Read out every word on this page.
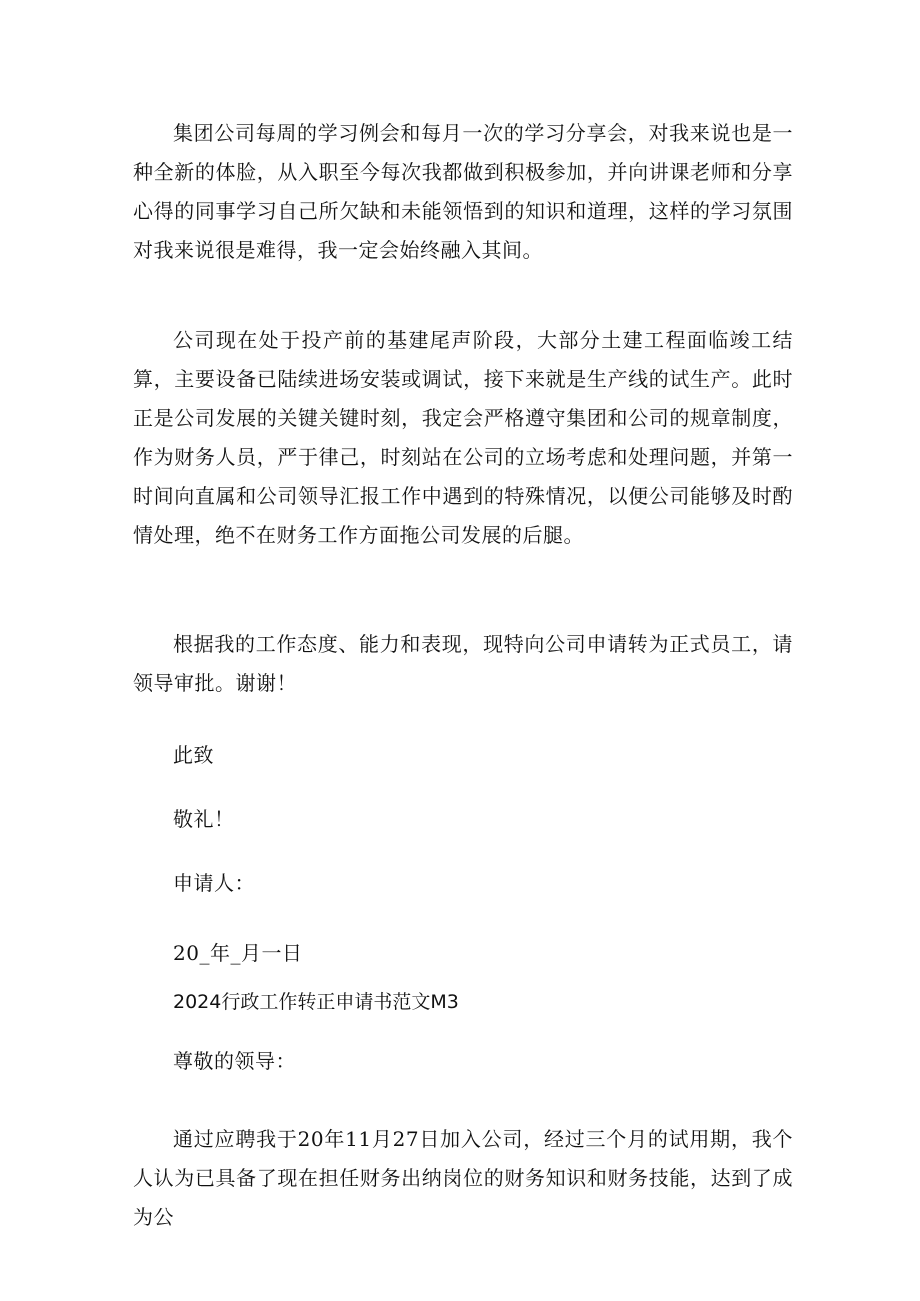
集团公司每周的学习例会和每月一次的学习分享会，对我来说也是一种全新的体脸，从入职至今每次我都做到积极参加，并向讲课老师和分享心得的同事学习自己所欠缺和未能领悟到的知识和道理，这样的学习氛围对我来说很是难得，我一定会始终融入其间。

公司现在处于投产前的基建尾声阶段，大部分土建工程面临竣工结算，主要设备已陆续进场安装或调试，接下来就是生产线的试生产。此时正是公司发展的关键关键时刻，我定会严格遵守集团和公司的规章制度，作为财务人员，严于律己，时刻站在公司的立场考虑和处理问题，并第一时间向直属和公司领导汇报工作中遇到的特殊情况，以便公司能够及时酌情处理，绝不在财务工作方面拖公司发展的后腿。

根据我的工作态度、能力和表现，现特向公司申请转为正式员工，请领导审批。谢谢！

此致

敬礼！

申请人：

20_年_月一日

2024行政工作转正申请书范文M3

尊敬的领导：

通过应聘我于20年11月27日加入公司，经过三个月的试用期，我个人认为已具备了现在担任财务出纳岗位的财务知识和财务技能，达到了成为公
